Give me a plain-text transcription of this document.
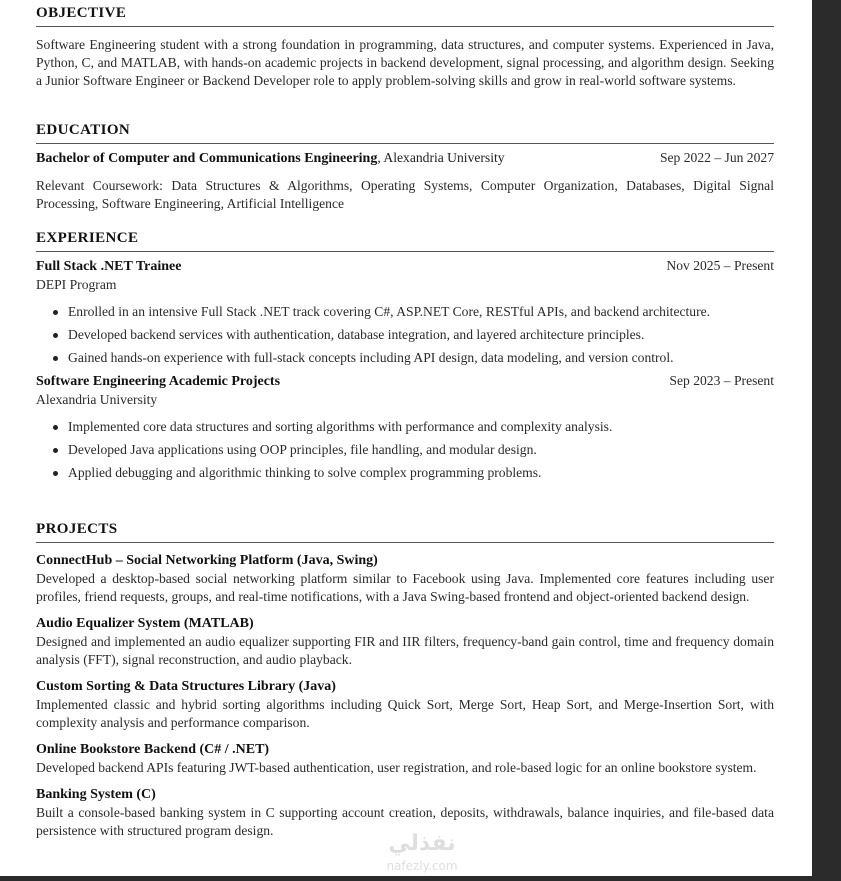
OBJECTIVE

Software Engineering student with a strong foundation in programming, data structures, and computer systems. Experienced in Java, Python, C, and MATLAB, with hands-on academic projects in backend development, signal processing, and algorithm design. Seeking a Junior Software Engineer or Backend Developer role to apply problem-solving skills and grow in real-world software systems.

EDUCATION
Bachelor of Computer and Communications Engineering, Alexandria University	Sep 2022 – Jun 2027

Relevant Coursework: Data Structures & Algorithms, Operating Systems, Computer Organization, Databases, Digital Signal Processing, Software Engineering, Artificial Intelligence

EXPERIENCE
Full Stack .NET Trainee	Nov 2025 – Present
DEPI Program
Enrolled in an intensive Full Stack .NET track covering C#, ASP.NET Core, RESTful APIs, and backend architecture.
Developed backend services with authentication, database integration, and layered architecture principles.
Gained hands-on experience with full-stack concepts including API design, data modeling, and version control.
Software Engineering Academic Projects	Sep 2023 – Present
Alexandria University
Implemented core data structures and sorting algorithms with performance and complexity analysis.
Developed Java applications using OOP principles, file handling, and modular design.
Applied debugging and algorithmic thinking to solve complex programming problems.
PROJECTS
ConnectHub – Social Networking Platform (Java, Swing)

Developed a desktop-based social networking platform similar to Facebook using Java. Implemented core features including user profiles, friend requests, groups, and real-time notifications, with a Java Swing-based frontend and object-oriented backend design.

Audio Equalizer System (MATLAB)

Designed and implemented an audio equalizer supporting FIR and IIR filters, frequency-band gain control, time and frequency domain analysis (FFT), signal reconstruction, and audio playback.

Custom Sorting & Data Structures Library (Java)

Implemented classic and hybrid sorting algorithms including Quick Sort, Merge Sort, Heap Sort, and Merge-Insertion Sort, with complexity analysis and performance comparison.

Online Bookstore Backend (C# / .NET)

Developed backend APIs featuring JWT-based authentication, user registration, and role-based logic for an online bookstore system.

Banking System (C)

Built a console-based banking system in C supporting account creation, deposits, withdrawals, balance inquiries, and file-based data persistence with structured program design.

نفذلي
nafezly.com
